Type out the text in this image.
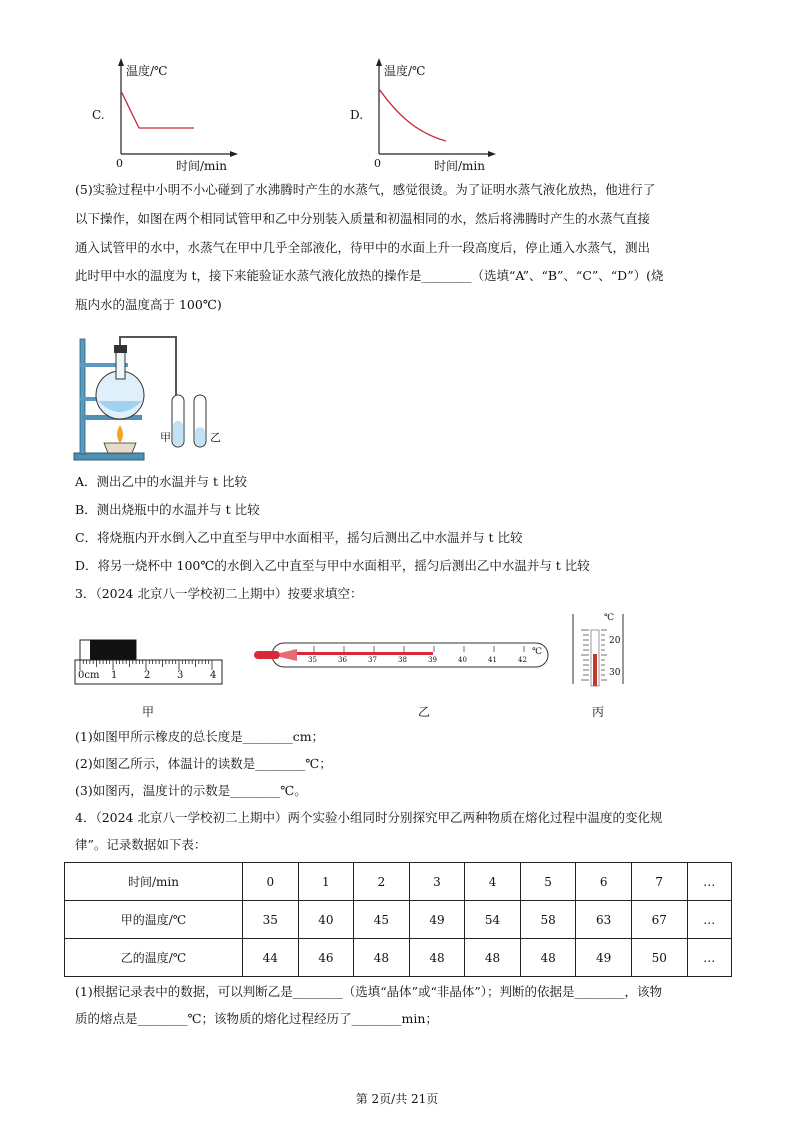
C.
温度/℃
0	时间/min
D.
温度/℃
0	时间/min
(5)实验过程中小明不小心碰到了水沸腾时产生的水蒸气，感觉很烫。为了证明水蒸气液化放热，他进行了
以下操作，如图在两个相同试管甲和乙中分别装入质量和初温相同的水，然后将沸腾时产生的水蒸气直接
通入试管甲的水中，水蒸气在甲中几乎全部液化，待甲中的水面上升一段高度后，停止通入水蒸气，测出
此时甲中水的温度为 t，接下来能验证水蒸气液化放热的操作是________（选填“A”、“B”、“C”、“D”）(烧
瓶内水的温度高于 100℃)
甲	乙
A．测出乙中的水温并与 t 比较
B．测出烧瓶中的水温并与 t 比较
C．将烧瓶内开水倒入乙中直至与甲中水面相平，摇匀后测出乙中水温并与 t 比较
D．将另一烧杯中 100℃的水倒入乙中直至与甲中水面相平，摇匀后测出乙中水温并与 t 比较
3．（2024 北京八一学校初二上期中）按要求填空：
0cm 1	2	3	4
甲
35	36	37	38	39	40	41	42
℃
乙
℃
20
30
丙
(1)如图甲所示橡皮的总长度是________cm；
(2)如图乙所示，体温计的读数是________℃；
(3)如图丙，温度计的示数是________℃。
4．（2024 北京八一学校初二上期中）两个实验小组同时分别探究甲乙两种物质在熔化过程中温度的变化规
律”。记录数据如下表：
时间/min	0	1	2	3	4	5	6	7	…
甲的温度/℃	35	40	45	49	54	58	63	67	…
乙的温度/℃	44	46	48	48	48	48	49	50	…
(1)根据记录表中的数据，可以判断乙是________（选填“晶体”或“非晶体”）；判断的依据是________，该物
质的熔点是________℃；该物质的熔化过程经历了________min；
第 2页/共 21页
